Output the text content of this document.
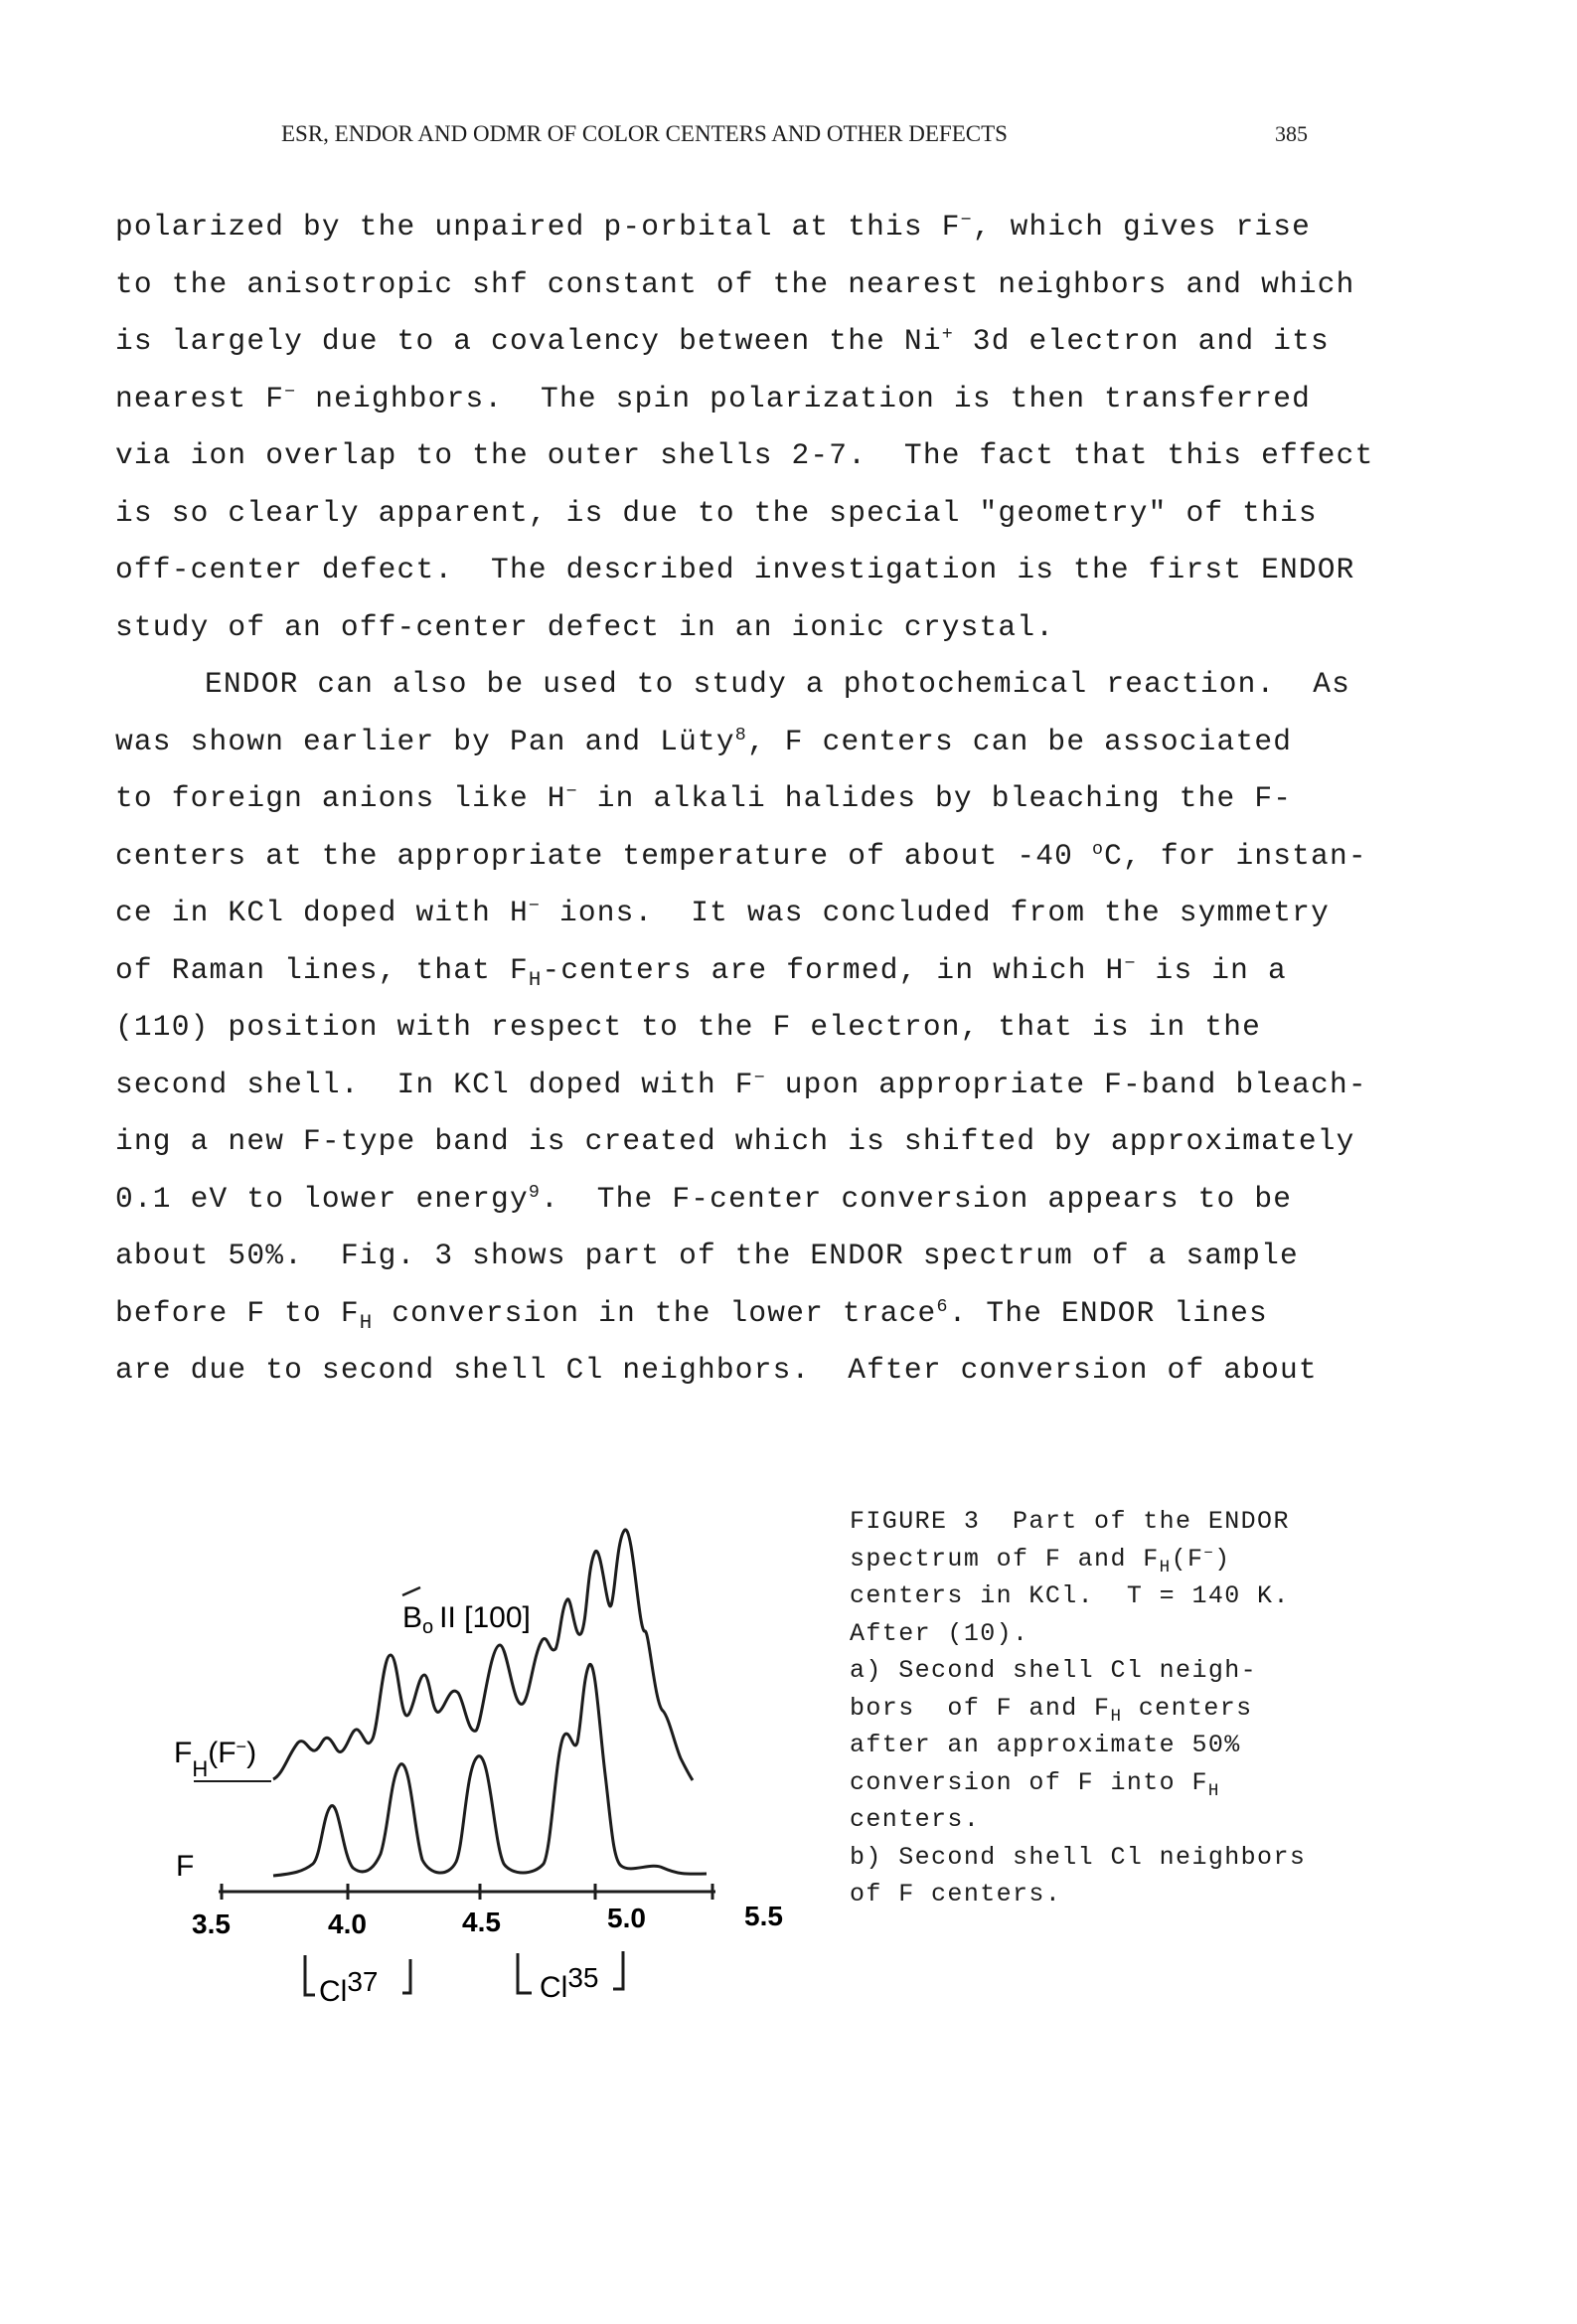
ESR, ENDOR AND ODMR OF COLOR CENTERS AND OTHER DEFECTS	385
polarized by the unpaired p-orbital at this F−, which gives rise
to the anisotropic shf constant of the nearest neighbors and which
is largely due to a covalency between the Ni+ 3d electron and its
nearest F− neighbors.  The spin polarization is then transferred
via ion overlap to the outer shells 2-7.  The fact that this effect
is so clearly apparent, is due to the special "geometry" of this
off-center defect.  The described investigation is the first ENDOR
study of an off-center defect in an ionic crystal.
ENDOR can also be used to study a photochemical reaction.  As
was shown earlier by Pan and Lüty$^8$, F centers can be associated
to foreign anions like H− in alkali halides by bleaching the F-
centers at the appropriate temperature of about -40 $^o$C, for instan-
ce in KCl doped with H− ions.  It was concluded from the symmetry
of Raman lines, that $F_H$-centers are formed, in which H− is in a
(110) position with respect to the F electron, that is in the
second shell.  In KCl doped with F− upon appropriate F-band bleach-
ing a new F-type band is created which is shifted by approximately
0.1 eV to lower energy$^9$.  The F-center conversion appears to be
about 50%.  Fig. 3 shows part of the ENDOR spectrum of a sample
before F to $F_H$ conversion in the lower trace$^6$. The ENDOR lines
are due to second shell Cl neighbors.  After conversion of about
$B_o$ II [100]
$F_H(F^-)$
F
3.5	4.0	4.5	5.0	5.5
Cl37	Cl35
FIGURE 3  Part of the ENDOR
spectrum of F and $F_H(F^-)$
centers in KCl.  T = 140 K.
After (10).
a) Second shell Cl neigh-
bors  of F and $F_H$ centers
after an approximate 50%
conversion of F into $F_H$
centers.
b) Second shell Cl neighbors
of F centers.
